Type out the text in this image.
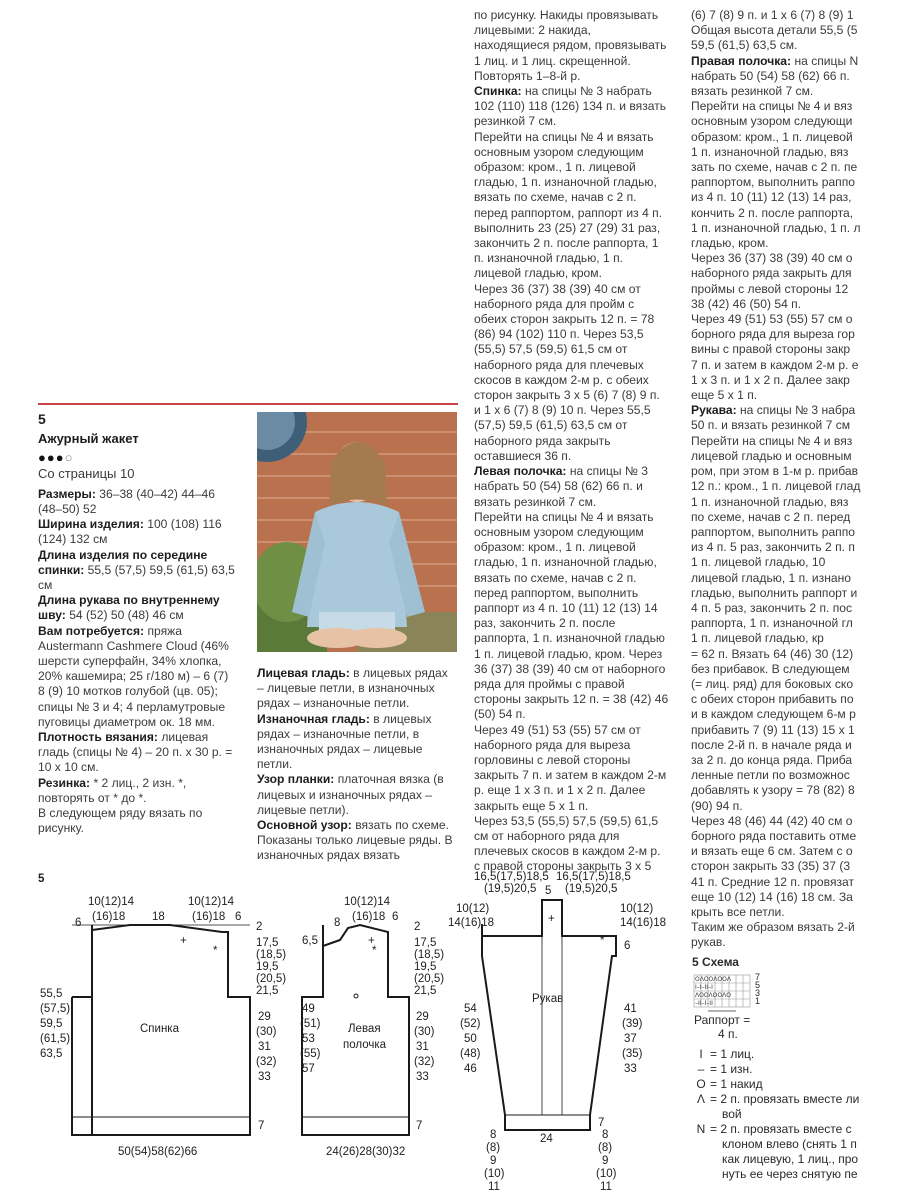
по рисунку. Накиды провязывать лицевыми: 2 накида, находящиеся рядом, провязывать 1 лиц. и 1 лиц. скрещенной. Повторять 1–8-й р.

Спинка: на спицы № 3 набрать 102 (110) 118 (126) 134 п. и вязать резинкой 7 см.

Перейти на спицы № 4 и вязать основным узором следующим образом: кром., 1 п. лицевой гладью, 1 п. изнаночной гладью, вязать по схеме, начав с 2 п. перед раппортом, раппорт из 4 п. выполнить 23 (25) 27 (29) 31 раз, закончить 2 п. после раппорта, 1 п. изнаночной гладью, 1 п. лицевой гладью, кром.

Через 36 (37) 38 (39) 40 см от наборного ряда для пройм с обеих сторон закрыть 12 п. = 78 (86) 94 (102) 110 п. Через 53,5 (55,5) 57,5 (59,5) 61,5 см от наборного ряда для плечевых скосов в каждом 2-м р. с обеих сторон закрыть 3 x 5 (6) 7 (8) 9 п. и 1 x 6 (7) 8 (9) 10 п. Через 55,5 (57,5) 59,5 (61,5) 63,5 см от наборного ряда закрыть оставшиеся 36 п.

Левая полочка: на спицы № 3 набрать 50 (54) 58 (62) 66 п. и вязать резинкой 7 см.

Перейти на спицы № 4 и вязать основным узором следующим образом: кром., 1 п. лицевой гладью, 1 п. изнаночной гладью, вязать по схеме, начав с 2 п. перед раппортом, выполнить раппорт из 4 п. 10 (11) 12 (13) 14 раз, закончить 2 п. после раппорта, 1 п. изнаночной гладью 1 п. лицевой гладью, кром. Через 36 (37) 38 (39) 40 см от наборного ряда для проймы с правой стороны закрыть 12 п. = 38 (42) 46 (50) 54 п.

Через 49 (51) 53 (55) 57 см от наборного ряда для выреза горловины с левой стороны закрыть 7 п. и затем в каждом 2-м р. еще 1 x 3 п. и 1 x 2 п. Далее закрыть еще 5 x 1 п.

Через 53,5 (55,5) 57,5 (59,5) 61,5 см от наборного ряда для плечевых скосов в каждом 2-м р. с правой стороны закрыть 3 x 5

(6) 7 (8) 9 п. и 1 x 6 (7) 8 (9) 1

Общая высота детали 55,5 (5

59,5 (61,5) 63,5 см.

Правая полочка: на спицы N

набрать 50 (54) 58 (62) 66 п.

вязать резинкой 7 см.

Перейти на спицы № 4 и вяз

основным узором следующи

образом: кром., 1 п. лицевой

1 п. изнаночной гладью, вяз

зать по схеме, начав с 2 п. пе

раппортом, выполнить раппо

из 4 п. 10 (11) 12 (13) 14 раз,

кончить 2 п. после раппорта,

1 п. изнаночной гладью, 1 п. л

гладью, кром.

Через 36 (37) 38 (39) 40 см о

наборного ряда закрыть для

проймы с левой стороны 12

38 (42) 46 (50) 54 п.

Через 49 (51) 53 (55) 57 см о

борного ряда для выреза гор

вины с правой стороны закр

7 п. и затем в каждом 2-м р. е

1 x 3 п. и 1 x 2 п. Далее закр

еще 5 x 1 п.

Рукава: на спицы № 3 набра

50 п. и вязать резинкой 7 см

Перейти на спицы № 4 и вяз

лицевой гладью и основным

ром, при этом в 1-м р. прибав

12 п.: кром., 1 п. лицевой глад

1 п. изнаночной гладью, вяз

по схеме, начав с 2 п. перед

раппортом, выполнить раппо

из 4 п. 5 раз, закончить 2 п. п

1 п. лицевой гладью, 10

лицевой гладью, 1 п. изнано

гладью, выполнить раппорт и

4 п. 5 раз, закончить 2 п. пос

раппорта, 1 п. изнаночной гл

1 п. лицевой гладью, кр

= 62 п. Вязать 64 (46) 30 (12)

без прибавок. В следующем

(= лиц. ряд) для боковых ско

с обеих сторон прибавить по

и в каждом следующем 6-м р

прибавить 7 (9) 11 (13) 15 x 1

после 2-й п. в начале ряда и

за 2 п. до конца ряда. Приба

ленные петли по возможнос

добавлять к узору = 78 (82) 8

(90) 94 п.

Через 48 (46) 44 (42) 40 см о

борного ряда поставить отме

и вязать еще 6 см. Затем с о

сторон закрыть 33 (35) 37 (3

41 п. Средние 12 п. провязат

еще 10 (12) 14 (16) 18 см. За

крыть все петли.

Таким же образом вязать 2-й

рукав.

5
Ажурный жакет
●●●○

Со страницы 10

Размеры: 36–38 (40–42) 44–46 (48–50) 52

Ширина изделия: 100 (108) 116 (124) 132 см

Длина изделия по середине спинки: 55,5 (57,5) 59,5 (61,5) 63,5 см

Длина рукава по внутреннему шву: 54 (52) 50 (48) 46 см

Вам потребуется: пряжа Austermann Cashmere Cloud (46% шерсти суперфайн, 34% хлопка, 20% кашемира; 25 г/180 м) – 6 (7) 8 (9) 10 мотков голубой (цв. 05); спицы № 3 и 4; 4 перламутровые пуговицы диаметром ок. 18 мм.

Плотность вязания: лицевая гладь (спицы № 4) – 20 п. x 30 р. = 10 x 10 см.

Резинка: * 2 лиц., 2 изн. *, повторять от * до *.

В следующем ряду вязать по рисунку.

Лицевая гладь: в лицевых рядах – лицевые петли, в изнаночных рядах – изнаночные петли.

Изнаночная гладь: в лицевых рядах – изнаночные петли, в изнаночных рядах – лицевые петли.

Узор планки: платочная вязка (в лицевых и изнаночных рядах – лицевые петли).

Основной узор: вязать по схеме. Показаны только лицевые ряды. В изнаночных рядах вязать

5
6
10(12)14
(16)18 18
10(12)14
(16)18 6
2
17,5
(18,5)
19,5
(20,5)
21,5
55,5
(57,5)
59,5
(61,5)
63,5
Спинка
29
(30)
31
(32)
33
7
50(54)58(62)66
+
*
6,5
8
10(12)14
(16)18 6
2
17,5
(18,5)
19,5
(20,5)
21,5
49
(51)
53
(55)
57
Левая
полочка
29
(30)
31
(32)
33
7
24(26)28(30)32
+
*
16,5(17,5)18,5
(19,5)20,5 5
16,5(17,5)18,5
(19,5)20,5
10(12)
14(16)18
10(12)
14(16)18
6
54
(52)
50
(48)
46
Рукав
41
(39)
37
(35)
33
7
24
8
(8)
9
(10)
11
8
(8)
9
(10)
11
+
*
5 Схема
ΟΛΟΟΛΟΟΛ
I–I–II–I
ΛΟΟΛΟΟΛΟ
–II–I–II
7
5
3
1
Раппорт =
4 п.
I = 1 лиц.
– = 1 изн.
O = 1 накид
Λ = 2 п. провязать вместе ли
вой
N = 2 п. провязать вместе с
клоном влево (снять 1 п
как лицевую, 1 лиц., про
нуть ее через снятую пе
